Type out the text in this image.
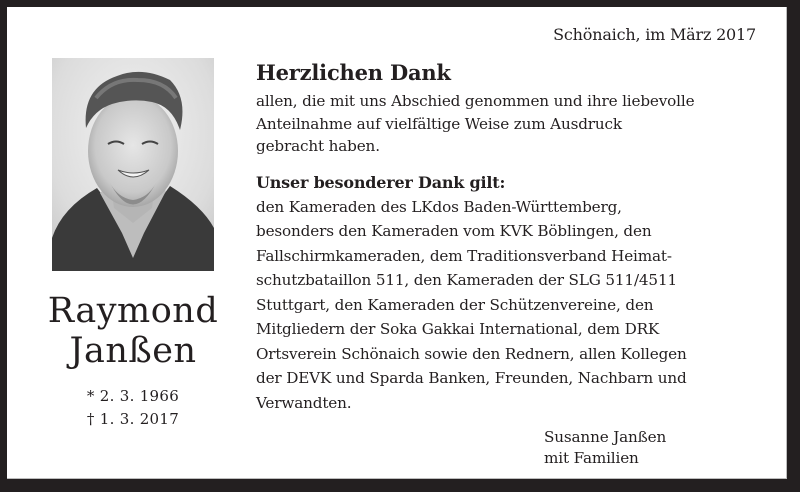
Schönaich, im März 2017
Raymond
Janßen
* 2. 3. 1966
† 1. 3. 2017
Herzlichen Dank

allen, die mit uns Abschied genommen und ihre liebevolle
Anteilnahme auf vielfältige Weise zum Ausdruck
gebracht haben.

Unser besonderer Dank gilt:

den Kameraden des LKdos Baden-Württemberg,
besonders den Kameraden vom KVK Böblingen, den
Fallschirmkameraden, dem Traditionsverband Heimat-
schutzbataillon 511, den Kameraden der SLG 511/4511
Stuttgart, den Kameraden der Schützenvereine, den
Mitgliedern der Soka Gakkai International, dem DRK
Ortsverein Schönaich sowie den Rednern, allen Kollegen
der DEVK und Sparda Banken, Freunden, Nachbarn und
Verwandten.

Susanne Janßen
mit Familien
